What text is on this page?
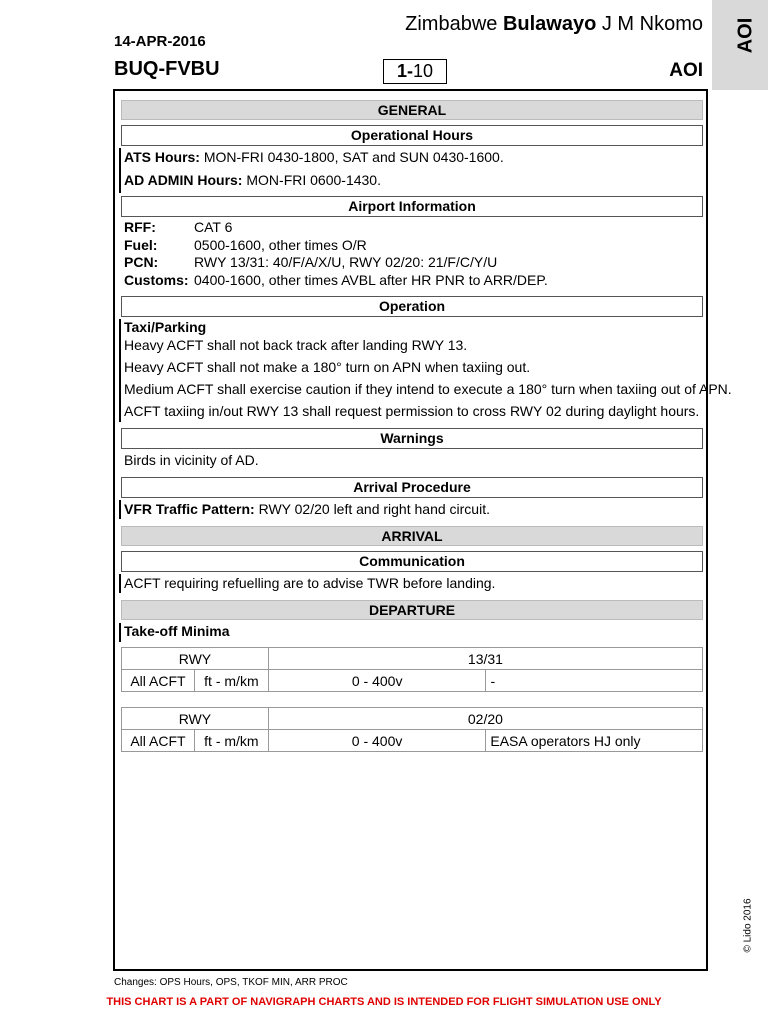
14-APR-2016
BUQ-FVBU
Zimbabwe Bulawayo J M Nkomo
1-10	AOI
AOI
GENERAL
Operational Hours
ATS Hours: MON-FRI 0430-1800, SAT and SUN 0430-1600.
AD ADMIN Hours: MON-FRI 0600-1430.
Airport Information
RFF:	CAT 6
Fuel:	0500-1600, other times O/R
PCN:	RWY 13/31: 40/F/A/X/U, RWY 02/20: 21/F/C/Y/U
Customs: 0400-1600, other times AVBL after HR PNR to ARR/DEP.
Operation
Taxi/Parking
Heavy ACFT shall not back track after landing RWY 13.
Heavy ACFT shall not make a 180° turn on APN when taxiing out.
Medium ACFT shall exercise caution if they intend to execute a 180° turn when taxiing out of APN.
ACFT taxiing in/out RWY 13 shall request permission to cross RWY 02 during daylight hours.
Warnings
Birds in vicinity of AD.
Arrival Procedure
VFR Traffic Pattern: RWY 02/20 left and right hand circuit.
ARRIVAL
Communication
ACFT requiring refuelling are to advise TWR before landing.
DEPARTURE
Take-off Minima
RWY		13/31	
All ACFT	ft - m/km	0 - 400v	-
RWY		02/20	
All ACFT	ft - m/km	0 - 400v	EASA operators HJ only
© Lido 2016
Changes: OPS Hours, OPS, TKOF MIN, ARR PROC
THIS CHART IS A PART OF NAVIGRAPH CHARTS AND IS INTENDED FOR FLIGHT SIMULATION USE ONLY
